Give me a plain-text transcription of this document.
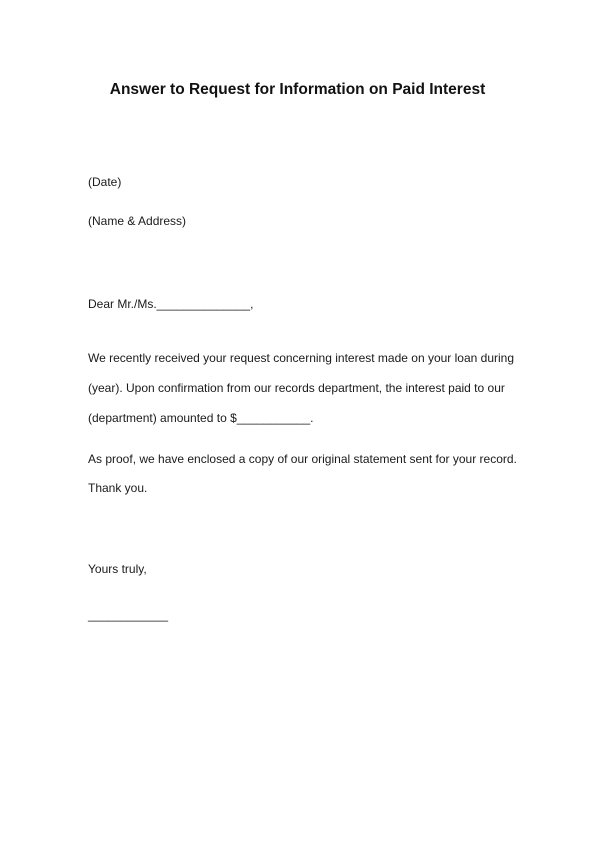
Answer to Request for Information on Paid Interest
(Date)
(Name & Address)
Dear Mr./Ms.______________,
We recently received your request concerning interest made on your loan during
(year). Upon confirmation from our records department, the interest paid to our
(department) amounted to $___________.
As proof, we have enclosed a copy of our original statement sent for your record.
Thank you.
Yours truly,
____________
